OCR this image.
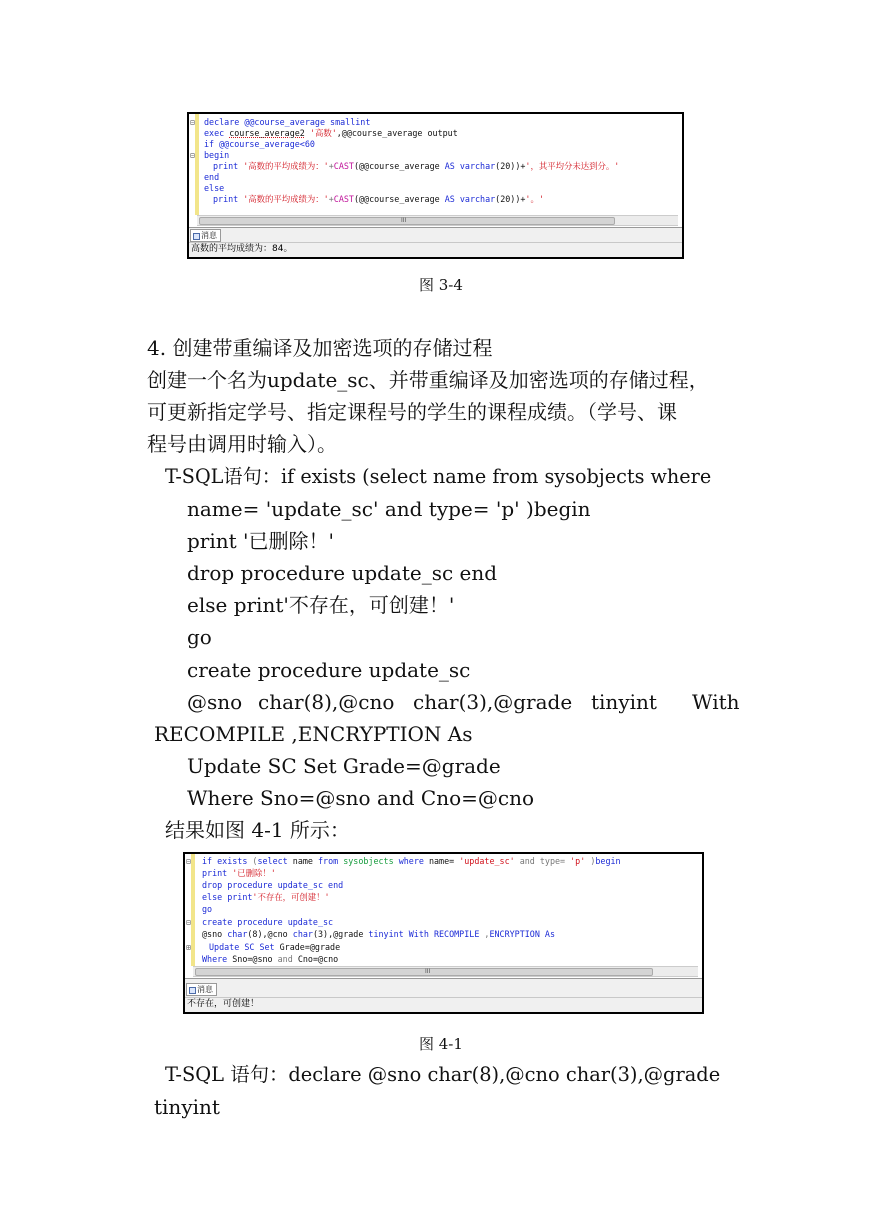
⊟
⊟
declare @@course_average smallint
exec course_average2 '高数',@@course_average output
if @@course_average<60
begin
print '高数的平均成绩为：'+CAST(@@course_average AS varchar(20))+'，其平均分未达到分。'
end
else
print '高数的平均成绩为：'+CAST(@@course_average AS varchar(20))+'。'
III
消息
高数的平均成绩为：84。
图 3-4
4. 创建带重编译及加密选项的存储过程
创建一个名为update_sc、并带重编译及加密选项的存储过程，
可更新指定学号、指定课程号的学生的课程成绩。（学号、课
程号由调用时输入）。
T-SQL语句：if exists (select name from sysobjects where
name= 'update_sc' and type= 'p' )begin
print '已删除！'
drop procedure update_sc end
else print'不存在，可创建！'
go
create procedure update_sc
@sno char(8),@cno char(3),@grade tinyint With
RECOMPILE ,ENCRYPTION As
Update SC Set Grade=@grade
Where Sno=@sno and Cno=@cno
结果如图 4-1 所示：
⊟
⊟
⊞
if exists (select name from sysobjects where name= 'update_sc' and type= 'p' )begin
print '已删除！'
drop procedure update_sc end
else print'不存在，可创建！'
go
create procedure update_sc
@sno char(8),@cno char(3),@grade tinyint With RECOMPILE ,ENCRYPTION As
Update SC Set Grade=@grade
Where Sno=@sno and Cno=@cno
III
消息
不存在，可创建！
图 4-1
T-SQL 语句：declare @sno char(8),@cno char(3),@grade
tinyint
